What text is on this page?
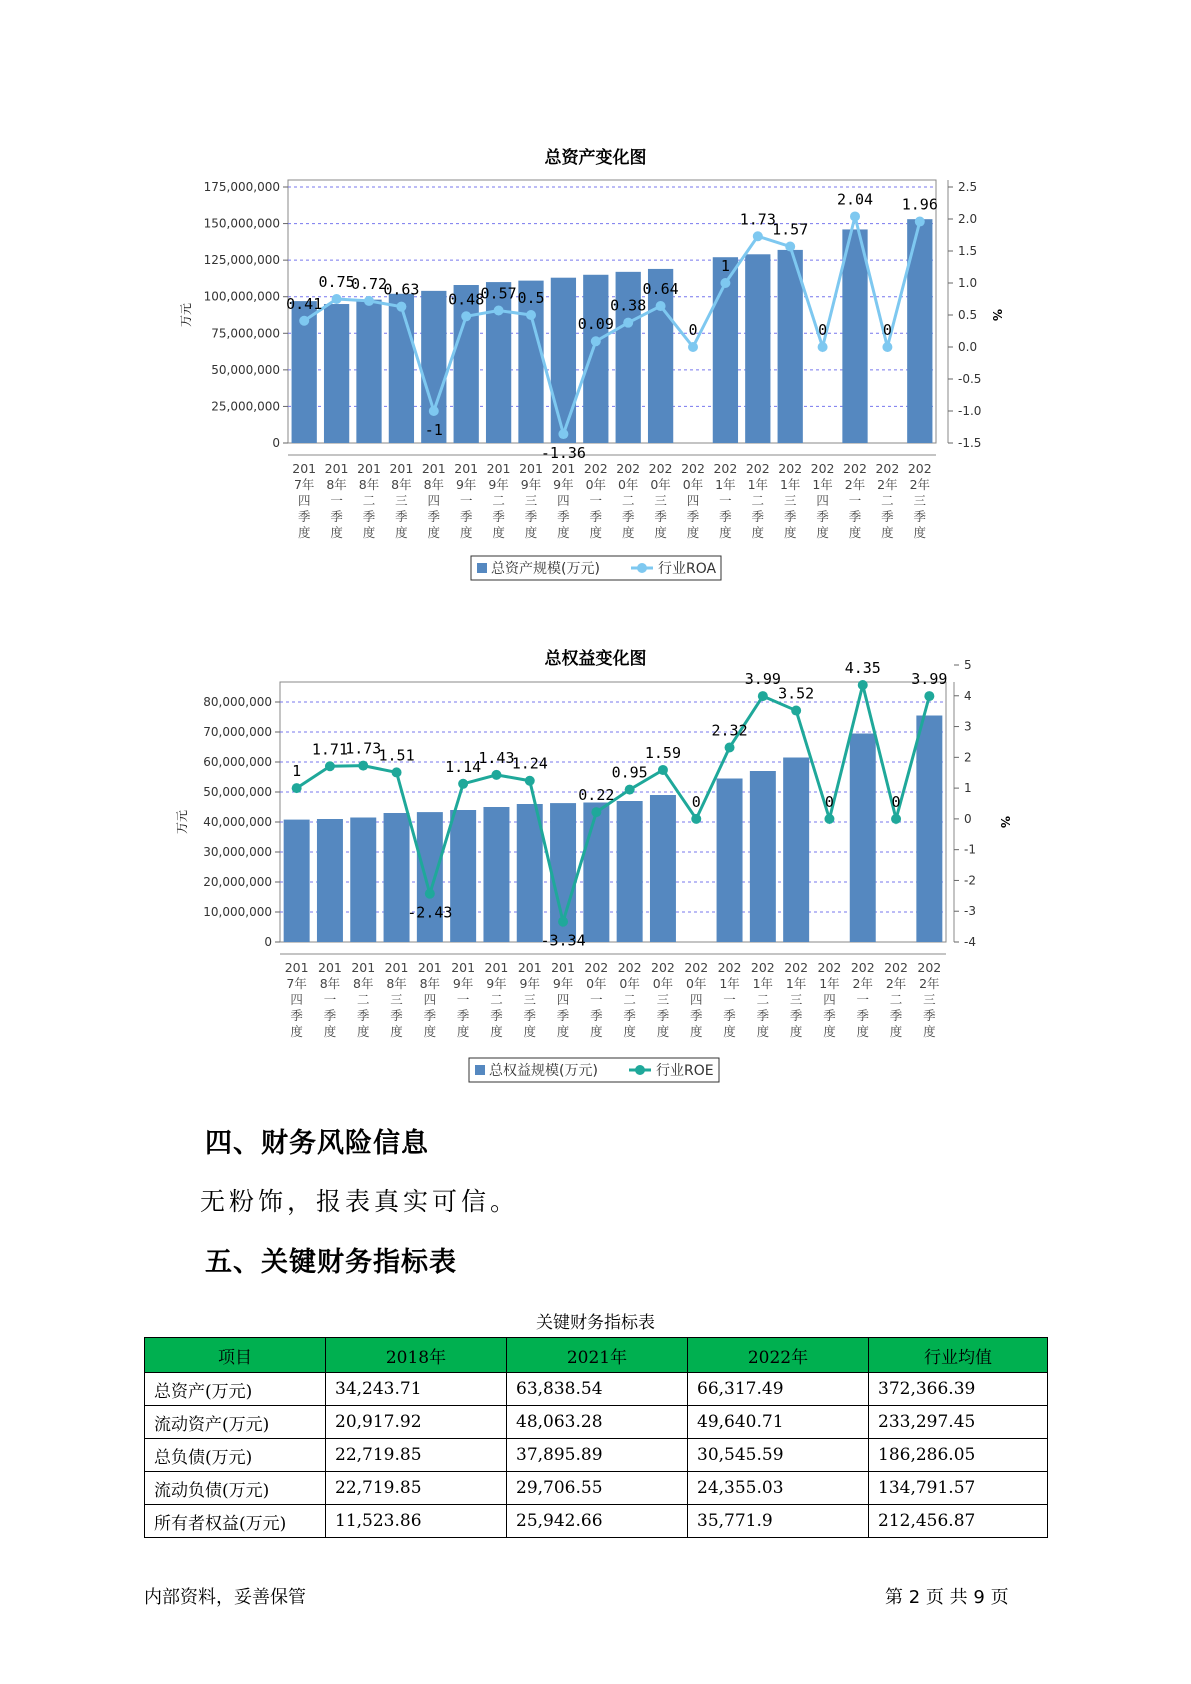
总资产变化图
175,000,000
150,000,000
125,000,000
100,000,000
75,000,000
50,000,000
25,000,000
0
2.5
2.0
1.5
1.0
0.5
0.0
-0.5
-1.0
-1.5
万元	%
0.41
0.75
0.72
0.63
-1
0.48
0.57 0.5
-1.36
0.09
0.38
0.64
0
1
1.73
1.57
0
2.04
0
1.96
201
7年
四
季
度
201
8年
一
季
度
201
8年
二
季
度
201
8年
三
季
度
201
8年
四
季
度
201
9年
一
季
度
201
9年
二
季
度
201
9年
三
季
度
201
9年
四
季
度
202
0年
一
季
度
202
0年
二
季
度
202
0年
三
季
度
202
0年
四
季
度
202
1年
一
季
度
202
1年
二
季
度
202
1年
三
季
度
202
1年
四
季
度
202
2年
一
季
度
202
2年
二
季
度
202
2年
三
季
度
总资产规模(万元)	行业ROA
总权益变化图
80,000,000
70,000,000
60,000,000
50,000,000
40,000,000
30,000,000
20,000,000
10,000,000
0
5
4
3
2
1
0
-1
-2
-3
-4
万元	%
1
1.71
1.73
1.51
-2.43
1.14
1.43
1.24
-3.34
0.22
0.95
1.59
0
2.32
3.99
3.52
0
4.35
0
3.99
201
7年
四
季
度
201
8年
一
季
度
201
8年
二
季
度
201
8年
三
季
度
201
8年
四
季
度
201
9年
一
季
度
201
9年
二
季
度
201
9年
三
季
度
201
9年
四
季
度
202
0年
一
季
度
202
0年
二
季
度
202
0年
三
季
度
202
0年
四
季
度
202
1年
一
季
度
202
1年
二
季
度
202
1年
三
季
度
202
1年
四
季
度
202
2年
一
季
度
202
2年
二
季
度
202
2年
三
季
度
总权益规模(万元)	行业ROE
四、财务风险信息
无粉饰，报表真实可信。
五、关键财务指标表
关键财务指标表
项目	2018年	2021年	2022年	行业均值
总资产(万元)	34,243.71	63,838.54	66,317.49	372,366.39
流动资产(万元)	20,917.92	48,063.28	49,640.71	233,297.45
总负债(万元)	22,719.85	37,895.89	30,545.59	186,286.05
流动负债(万元)	22,719.85	29,706.55	24,355.03	134,791.57
所有者权益(万元)	11,523.86	25,942.66	35,771.9	212,456.87
内部资料，妥善保管	第 2 页 共 9 页
